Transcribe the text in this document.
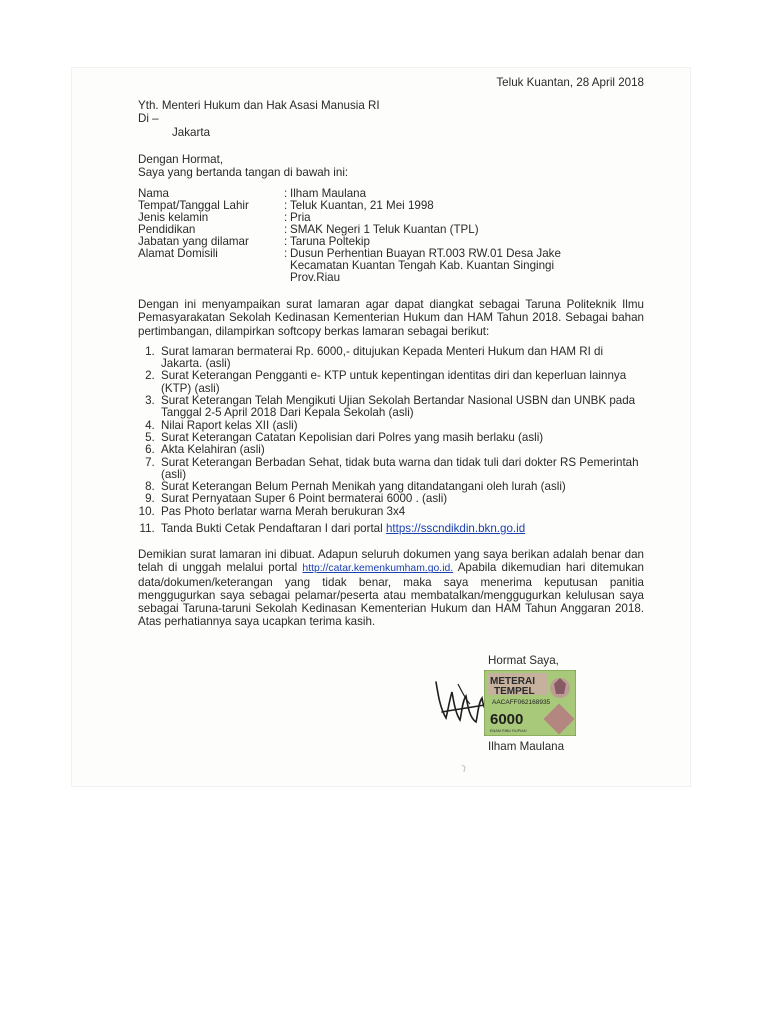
Teluk Kuantan, 28 April 2018
Yth. Menteri Hukum dan Hak Asasi Manusia RI
Di –
Jakarta
Dengan Hormat,
Saya yang bertanda tangan di bawah ini:
Nama	:	Ilham Maulana
Tempat/Tanggal Lahir	:	Teluk Kuantan, 21 Mei 1998
Jenis kelamin	:	Pria
Pendidikan	:	SMAK Negeri 1 Teluk Kuantan (TPL)
Jabatan yang dilamar	:	Taruna Poltekip
Alamat Domisili	:	Dusun Perhentian Buayan RT.003 RW.01 Desa Jake
		Kecamatan Kuantan Tengah Kab. Kuantan Singingi
		Prov.Riau
Dengan ini menyampaikan surat lamaran agar dapat diangkat sebagai Taruna Politeknik Ilmu Pemasyarakatan Sekolah Kedinasan Kementerian Hukum dan HAM Tahun 2018. Sebagai bahan pertimbangan, dilampirkan softcopy berkas lamaran sebagai berikut:
1. Surat lamaran bermaterai Rp. 6000,- ditujukan Kepada Menteri Hukum dan HAM RI di Jakarta. (asli)
2. Surat Keterangan Pengganti e- KTP untuk kepentingan identitas diri dan keperluan lainnya (KTP) (asli)
3. Surat Keterangan Telah Mengikuti Ujian Sekolah Bertandar Nasional USBN dan UNBK pada Tanggal 2-5 April 2018 Dari Kepala Sekolah (asli)
4. Nilai Raport kelas XII (asli)
5. Surat Keterangan Catatan Kepolisian dari Polres yang masih berlaku (asli)
6. Akta Kelahiran (asli)
7. Surat Keterangan Berbadan Sehat, tidak buta warna dan tidak tuli dari dokter RS Pemerintah (asli)
8. Surat Keterangan Belum Pernah Menikah yang ditandatangani oleh lurah (asli)
9. Surat Pernyataan Super 6 Point bermaterai 6000 . (asli)
10. Pas Photo berlatar warna Merah berukuran 3x4
11. Tanda Bukti Cetak Pendaftaran I dari portal https://sscndikdin.bkn.go.id
Demikian surat lamaran ini dibuat. Adapun seluruh dokumen yang saya berikan adalah benar dan telah di unggah melalui portal http://catar.kemenkumham.go.id. Apabila dikemudian hari ditemukan data/dokumen/keterangan yang tidak benar, maka saya menerima keputusan panitia menggugurkan saya sebagai pelamar/peserta atau membatalkan/menggugurkan kelulusan saya sebagai Taruna-taruni Sekolah Kedinasan Kementerian Hukum dan HAM Tahun Anggaran 2018. Atas perhatiannya saya ucapkan terima kasih.
Hormat Saya,
METERAI
TEMPEL
AACAFF062168935
6000
ENAM RIBU RUPIAH
Ilham Maulana
